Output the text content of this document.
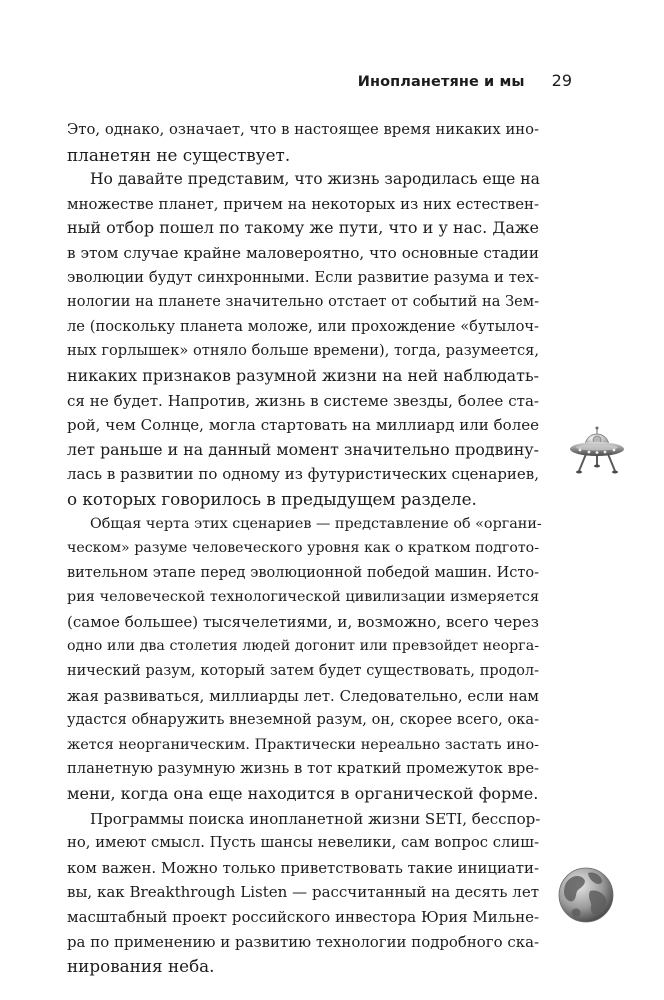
Инопланетяне и мы 29
Это, однако, означает, что в настоящее время никаких ино-
планетян не существует.
Но давайте представим, что жизнь зародилась еще на
множестве планет, причем на некоторых из них естествен-
ный отбор пошел по такому же пути, что и у нас. Даже
в этом случае крайне маловероятно, что основные стадии
эволюции будут синхронными. Если развитие разума и тех-
нологии на планете значительно отстает от событий на Зем-
ле (поскольку планета моложе, или прохождение «бутылоч-
ных горлышек» отняло больше времени), тогда, разумеется,
никаких признаков разумной жизни на ней наблюдать-
ся не будет. Напротив, жизнь в системе звезды, более ста-
рой, чем Солнце, могла стартовать на миллиард или более
лет раньше и на данный момент значительно продвину-
лась в развитии по одному из футуристических сценариев,
о которых говорилось в предыдущем разделе.
Общая черта этих сценариев — представление об «органи-
ческом» разуме человеческого уровня как о кратком подгото-
вительном этапе перед эволюционной победой машин. Исто-
рия человеческой технологической цивилизации измеряется
(самое большее) тысячелетиями, и, возможно, всего через
одно или два столетия людей догонит или превзойдет неорга-
нический разум, который затем будет существовать, продол-
жая развиваться, миллиарды лет. Следовательно, если нам
удастся обнаружить внеземной разум, он, скорее всего, ока-
жется неорганическим. Практически нереально застать ино-
планетную разумную жизнь в тот краткий промежуток вре-
мени, когда она еще находится в органической форме.
Программы поиска инопланетной жизни SETI, бесспор-
но, имеют смысл. Пусть шансы невелики, сам вопрос слиш-
ком важен. Можно только приветствовать такие инициати-
вы, как Breakthrough Listen — рассчитанный на десять лет
масштабный проект российского инвестора Юрия Мильне-
ра по применению и развитию технологии подробного ска-
нирования неба.
